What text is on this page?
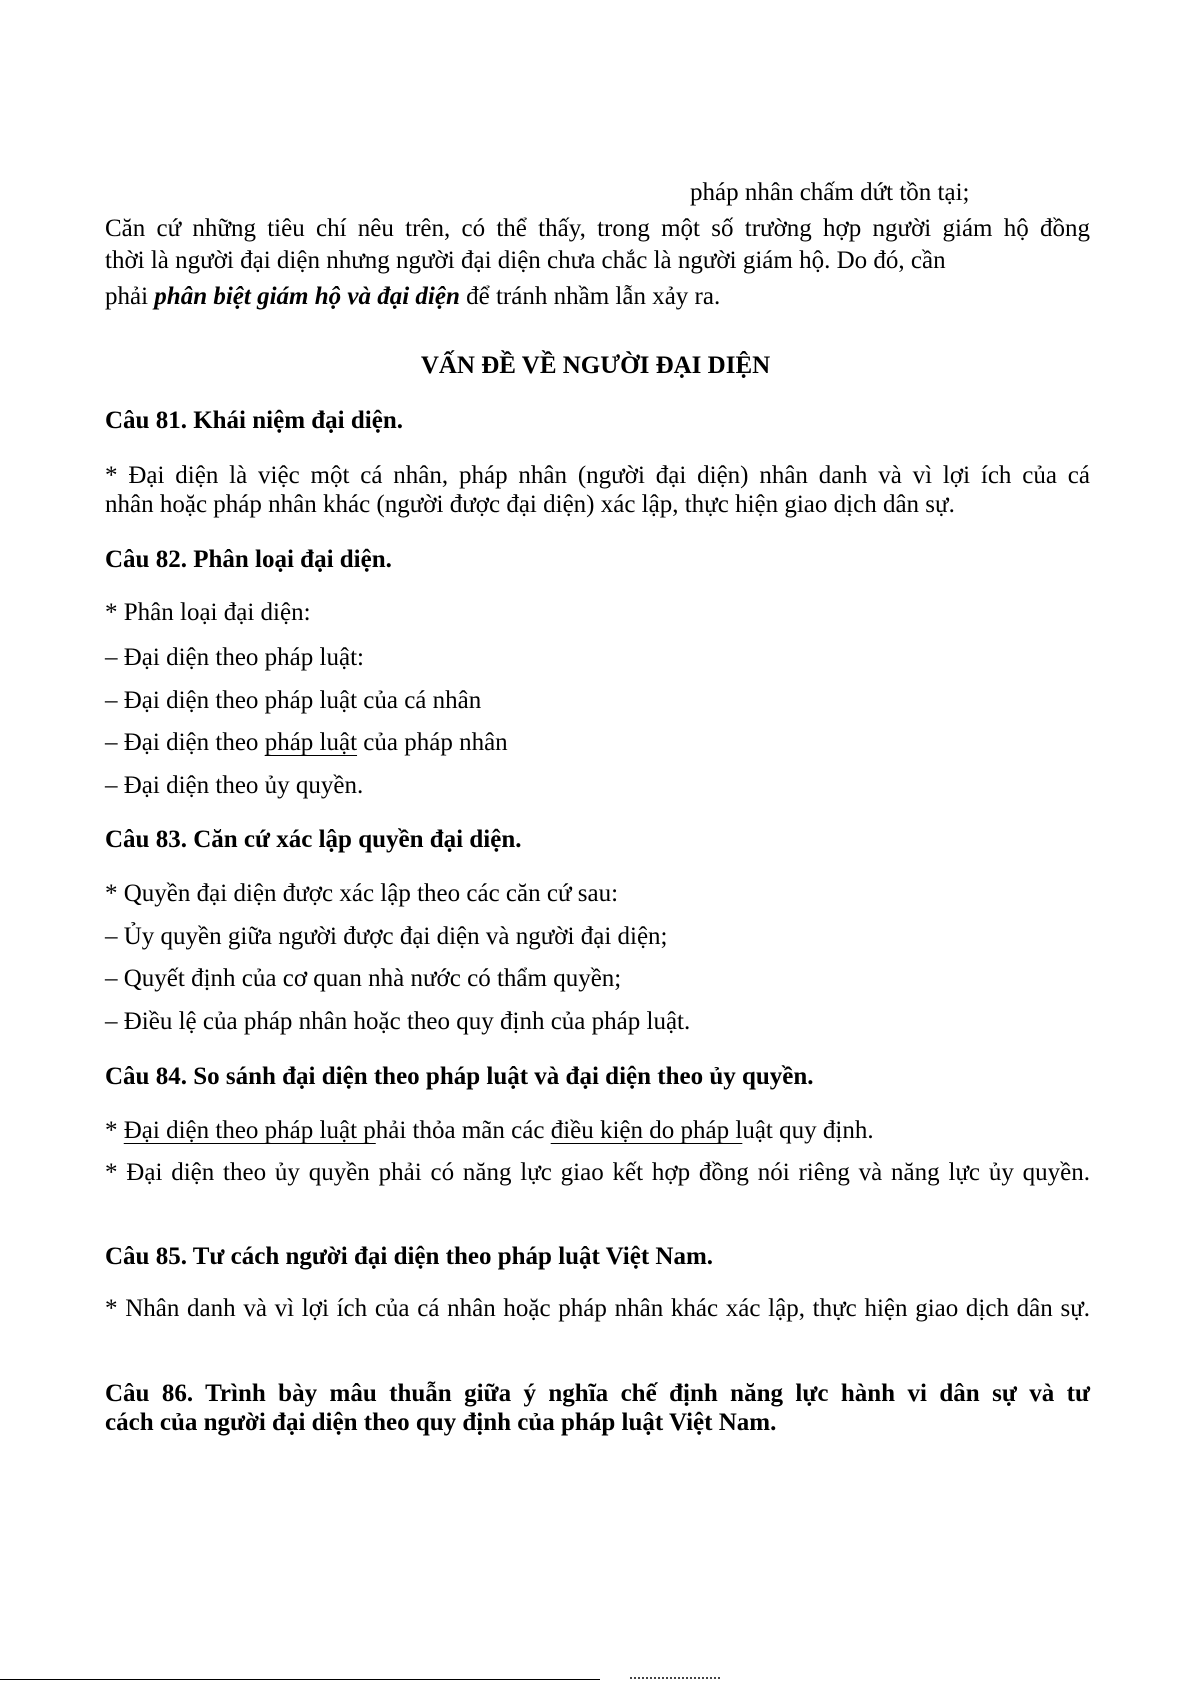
pháp nhân chấm dứt tồn tại;
Căn cứ những tiêu chí nêu trên, có thể thấy, trong một số trường hợp người giám hộ đồng
thời là người đại diện nhưng người đại diện chưa chắc là người giám hộ. Do đó, cần
phải phân biệt giám hộ và đại diện để tránh nhầm lẫn xảy ra.
VẤN ĐỀ VỀ NGƯỜI ĐẠI DIỆN
Câu 81. Khái niệm đại diện.
* Đại diện là việc một cá nhân, pháp nhân (người đại diện) nhân danh và vì lợi ích của cá
nhân hoặc pháp nhân khác (người được đại diện) xác lập, thực hiện giao dịch dân sự.
Câu 82. Phân loại đại diện.
* Phân loại đại diện:
– Đại diện theo pháp luật:
– Đại diện theo pháp luật của cá nhân
– Đại diện theo pháp luật của pháp nhân
– Đại diện theo ủy quyền.
Câu 83. Căn cứ xác lập quyền đại diện.
* Quyền đại diện được xác lập theo các căn cứ sau:
– Ủy quyền giữa người được đại diện và người đại diện;
– Quyết định của cơ quan nhà nước có thẩm quyền;
– Điều lệ của pháp nhân hoặc theo quy định của pháp luật.
Câu 84. So sánh đại diện theo pháp luật và đại diện theo ủy quyền.
* Đại diện theo pháp luật phải thỏa mãn các điều kiện do pháp luật quy định.
* Đại diện theo ủy quyền phải có năng lực giao kết hợp đồng nói riêng và năng lực ủy quyền.
Câu 85. Tư cách người đại diện theo pháp luật Việt Nam.
* Nhân danh và vì lợi ích của cá nhân hoặc pháp nhân khác xác lập, thực hiện giao dịch dân sự.
Câu 86. Trình bày mâu thuẫn giữa ý nghĩa chế định năng lực hành vi dân sự và tư
cách của người đại diện theo quy định của pháp luật Việt Nam.
